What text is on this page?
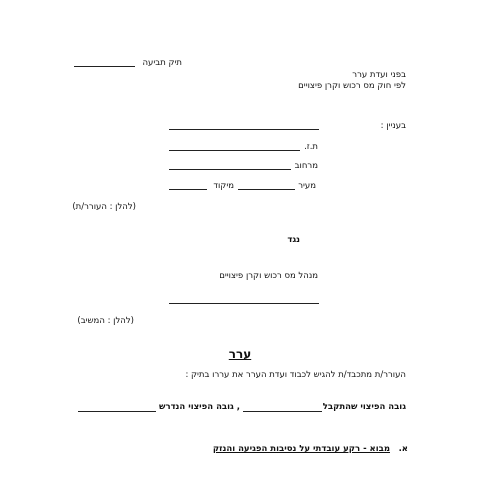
תיק תביעה
בפני ועדת ערר
לפי חוק מס רכוש וקרן פיצויים
בעניין :
ת.ז.
מרחוב
מיקוד	מעיר
(להלן : העורר/ת)
נגד
מנהל מס רכוש וקרן פיצויים
(להלן : המשיב)
ערר
העורר/ת מתכבד/ת להגיש לכבוד ועדת הערר את עררו בתיק :
גובה הפיצוי שהתקבל
, גובה הפיצוי הנדרש
א.
מבוא - רקע עובדתי על נסיבות הפגיעה והנזק
